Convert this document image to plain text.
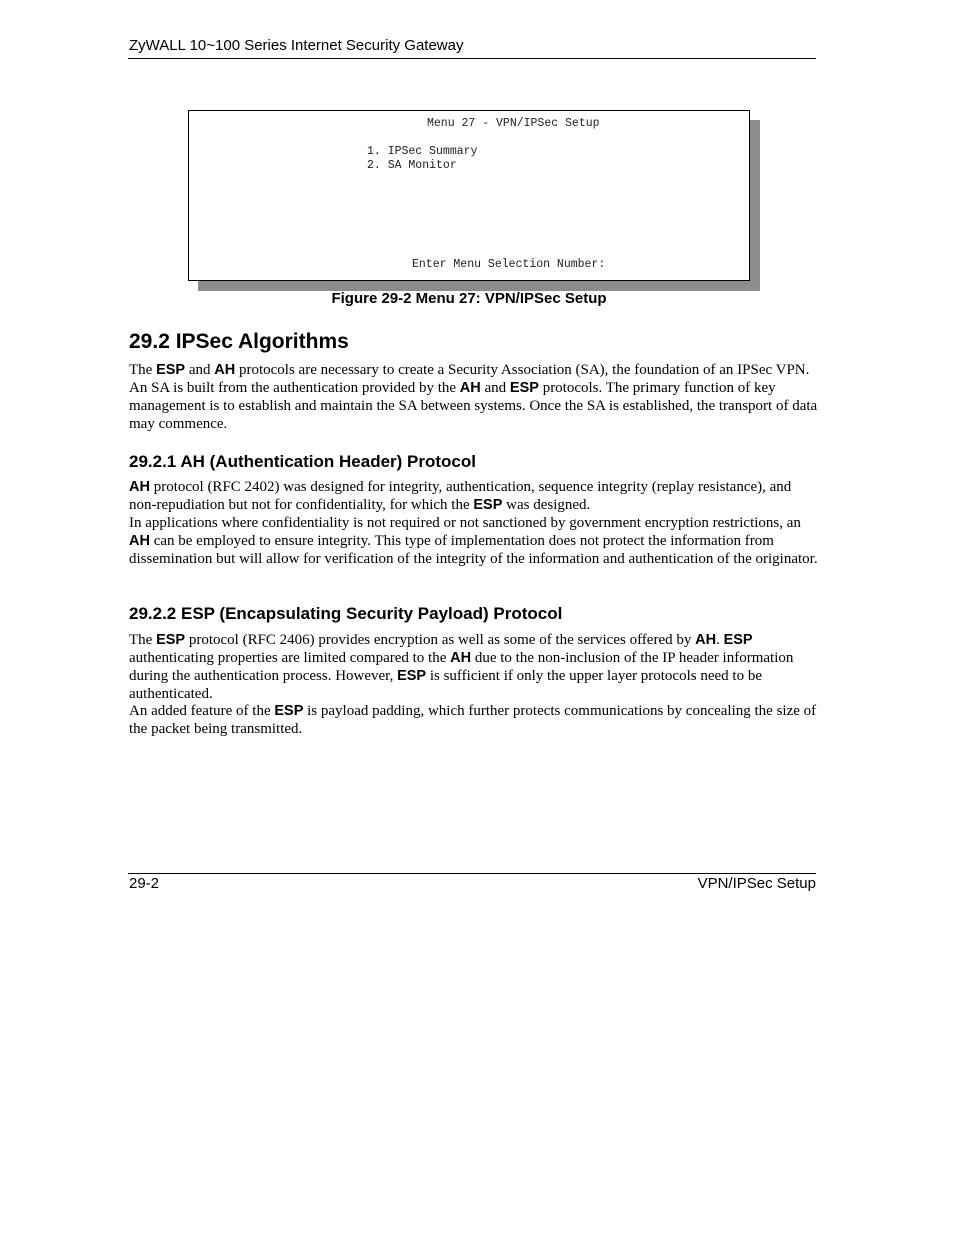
ZyWALL 10~100 Series Internet Security Gateway
Menu 27 - VPN/IPSec Setup
1. IPSec Summary
2. SA Monitor
Enter Menu Selection Number:
Figure 29-2 Menu 27: VPN/IPSec Setup
29.2 IPSec Algorithms

The ESP and AH protocols are necessary to create a Security Association (SA), the foundation of an IPSec VPN. An SA is built from the authentication provided by the AH and ESP protocols. The primary function of key management is to establish and maintain the SA between systems. Once the SA is established, the transport of data may commence.

29.2.1 AH (Authentication Header) Protocol

AH protocol (RFC 2402) was designed for integrity, authentication, sequence integrity (replay resistance), and non-repudiation but not for confidentiality, for which the ESP was designed.

In applications where confidentiality is not required or not sanctioned by government encryption restrictions, an AH can be employed to ensure integrity. This type of implementation does not protect the information from dissemination but will allow for verification of the integrity of the information and authentication of the originator.

29.2.2 ESP (Encapsulating Security Payload) Protocol

The ESP protocol (RFC 2406) provides encryption as well as some of the services offered by AH. ESP authenticating properties are limited compared to the AH due to the non-inclusion of the IP header information during the authentication process. However, ESP is sufficient if only the upper layer protocols need to be authenticated.

An added feature of the ESP is payload padding, which further protects communications by concealing the size of the packet being transmitted.

29-2	VPN/IPSec Setup
